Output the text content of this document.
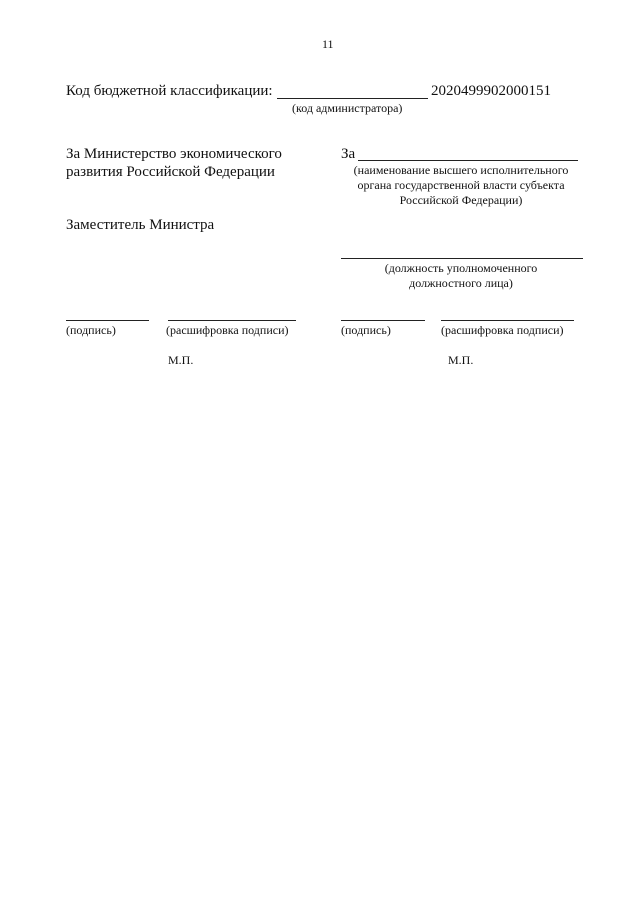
11
Код бюджетной классификации:	2020499902000151
(код администратора)
За Министерство экономического
развития Российской Федерации
Заместитель Министра
За
(наименование высшего исполнительного
органа государственной власти субъекта
Российской Федерации)
(должность уполномоченного
должностного лица)
(подпись)	(расшифровка подписи)	(подпись)	(расшифровка подписи)
М.П.	М.П.
